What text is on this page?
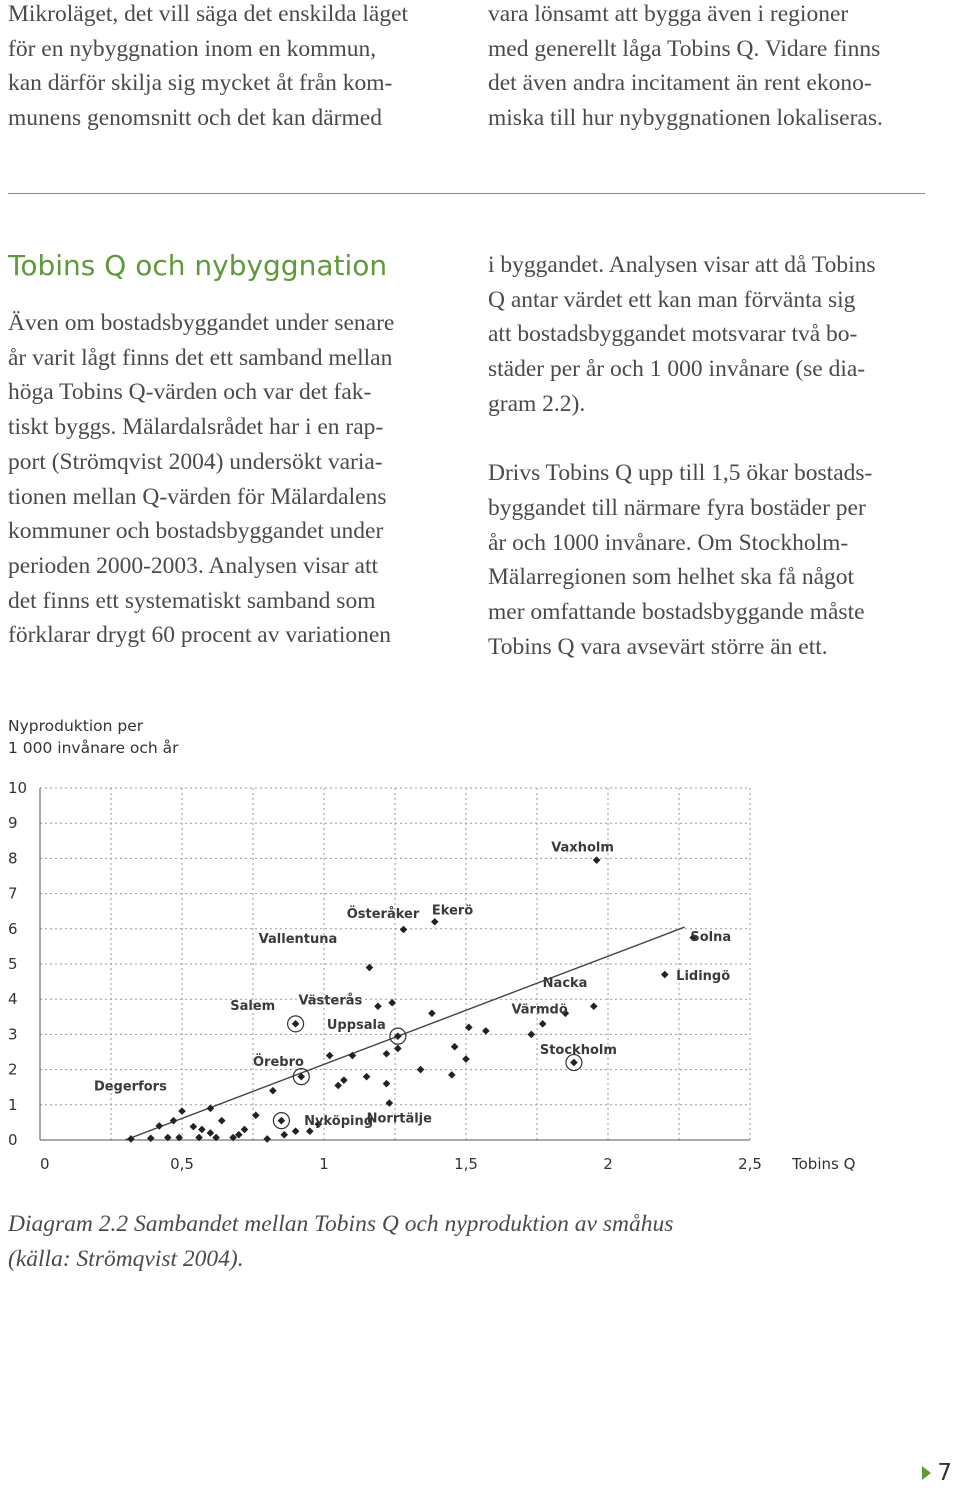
Mikroläget, det vill säga det enskilda läget
för en nybyggnation inom en kommun,
kan därför skilja sig mycket åt från kom-
munens genomsnitt och det kan därmed
vara lönsamt att bygga även i regioner
med generellt låga Tobins Q. Vidare finns
det även andra incitament än rent ekono-
miska till hur nybyggnationen lokaliseras.
Tobins Q och nybyggnation
Även om bostadsbyggandet under senare
år varit lågt finns det ett samband mellan
höga Tobins Q-värden och var det fak-
tiskt byggs. Mälardalsrådet har i en rap-
port (Strömqvist 2004) undersökt varia-
tionen mellan Q-värden för Mälardalens
kommuner och bostadsbyggandet under
perioden 2000-2003. Analysen visar att
det finns ett systematiskt samband som
förklarar drygt 60 procent av variationen

i byggandet. Analysen visar att då Tobins
Q antar värdet ett kan man förvänta sig
att bostadsbyggandet motsvarar två bo-
städer per år och 1 000 invånare (se dia-
gram 2.2).

Drivs Tobins Q upp till 1,5 ökar bostads-
byggandet till närmare fyra bostäder per
år och 1000 invånare. Om Stockholm-
Mälarregionen som helhet ska få något
mer omfattande bostadsbyggande måste
Tobins Q vara avsevärt större än ett.

Nyproduktion per
1 000 invånare och år

0
1
2
3
4
5
6
7
8
9
10
0	0,5	1	1,5	2	2,5 Tobins Q
Vaxholm
Österåker Ekerö
Vallentuna	Solna
Lidingö
Nacka
Salem Västerås
Värmdö
Uppsala
Stockholm
Örebro
Degerfors
Nyköping
Norrtälje

Diagram 2.2 Sambandet mellan Tobins Q och nyproduktion av småhus
(källa: Strömqvist 2004).

7
